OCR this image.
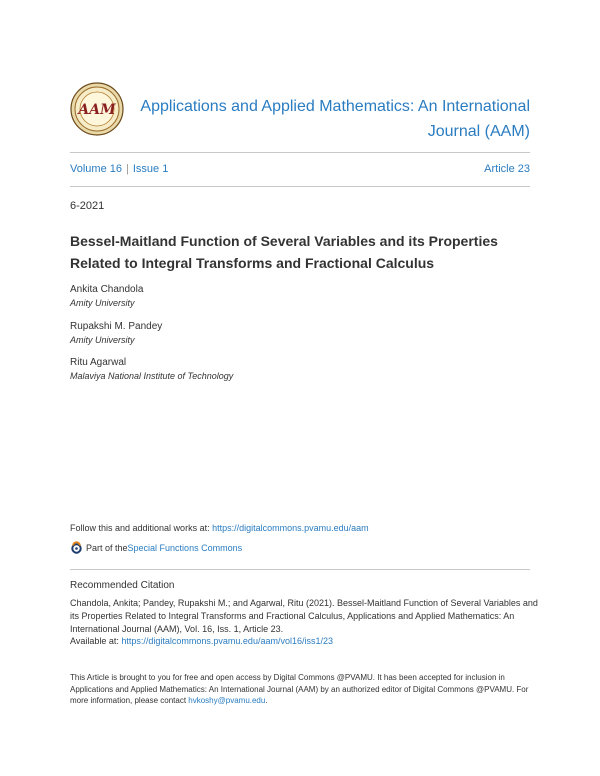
AAM	Applications and Applied Mathematics: An International
Journal (AAM)
Volume 16 | Issue 1	Article 23
6-2021
Bessel-Maitland Function of Several Variables and its Properties Related to Integral Transforms and Fractional Calculus
Ankita Chandola
Amity University
Rupakshi M. Pandey
Amity University
Ritu Agarwal
Malaviya National Institute of Technology
Follow this and additional works at: https://digitalcommons.pvamu.edu/aam
Part of the Special Functions Commons
Recommended Citation
Chandola, Ankita; Pandey, Rupakshi M.; and Agarwal, Ritu (2021). Bessel-Maitland Function of Several Variables and its Properties Related to Integral Transforms and Fractional Calculus, Applications and Applied Mathematics: An International Journal (AAM), Vol. 16, Iss. 1, Article 23.
Available at: https://digitalcommons.pvamu.edu/aam/vol16/iss1/23
This Article is brought to you for free and open access by Digital Commons @PVAMU. It has been accepted for inclusion in Applications and Applied Mathematics: An International Journal (AAM) by an authorized editor of Digital Commons @PVAMU. For more information, please contact hvkoshy@pvamu.edu.
